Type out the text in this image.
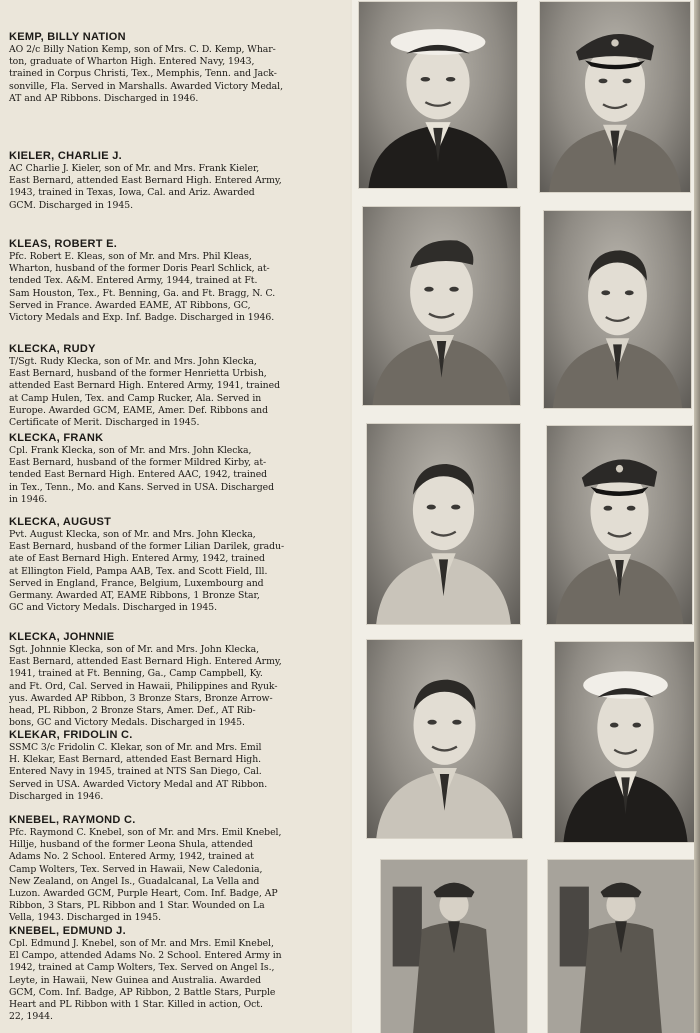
KEMP, BILLY NATION

AO 2/c Billy Nation Kemp, son of Mrs. C. D. Kemp, Whar-
ton, graduate of Wharton High. Entered Navy, 1943,
trained in Corpus Christi, Tex., Memphis, Tenn. and Jack-
sonville, Fla. Served in Marshalls. Awarded Victory Medal,
AT and AP Ribbons. Discharged in 1946.

KIELER, CHARLIE J.

AC Charlie J. Kieler, son of Mr. and Mrs. Frank Kieler,
East Bernard, attended East Bernard High. Entered Army,
1943, trained in Texas, Iowa, Cal. and Ariz. Awarded
GCM. Discharged in 1945.

KLEAS, ROBERT E.

Pfc. Robert E. Kleas, son of Mr. and Mrs. Phil Kleas,
Wharton, husband of the former Doris Pearl Schlick, at-
tended Tex. A&M. Entered Army, 1944, trained at Ft.
Sam Houston, Tex., Ft. Benning, Ga. and Ft. Bragg, N. C.
Served in France. Awarded EAME, AT Ribbons, GC,
Victory Medals and Exp. Inf. Badge. Discharged in 1946.

KLECKA, RUDY

T/Sgt. Rudy Klecka, son of Mr. and Mrs. John Klecka,
East Bernard, husband of the former Henrietta Urbish,
attended East Bernard High. Entered Army, 1941, trained
at Camp Hulen, Tex. and Camp Rucker, Ala. Served in
Europe. Awarded GCM, EAME, Amer. Def. Ribbons and
Certificate of Merit. Discharged in 1945.

KLECKA, FRANK

Cpl. Frank Klecka, son of Mr. and Mrs. John Klecka,
East Bernard, husband of the former Mildred Kirby, at-
tended East Bernard High. Entered AAC, 1942, trained
in Tex., Tenn., Mo. and Kans. Served in USA. Discharged
in 1946.

KLECKA, AUGUST

Pvt. August Klecka, son of Mr. and Mrs. John Klecka,
East Bernard, husband of the former Lilian Darilek, gradu-
ate of East Bernard High. Entered Army, 1942, trained
at Ellington Field, Pampa AAB, Tex. and Scott Field, Ill.
Served in England, France, Belgium, Luxembourg and
Germany. Awarded AT, EAME Ribbons, 1 Bronze Star,
GC and Victory Medals. Discharged in 1945.

KLECKA, JOHNNIE

Sgt. Johnnie Klecka, son of Mr. and Mrs. John Klecka,
East Bernard, attended East Bernard High. Entered Army,
1941, trained at Ft. Benning, Ga., Camp Campbell, Ky.
and Ft. Ord, Cal. Served in Hawaii, Philippines and Ryuk-
yus. Awarded AP Ribbon, 3 Bronze Stars, Bronze Arrow-
head, PL Ribbon, 2 Bronze Stars, Amer. Def., AT Rib-
bons, GC and Victory Medals. Discharged in 1945.

KLEKAR, FRIDOLIN C.

SSMC 3/c Fridolin C. Klekar, son of Mr. and Mrs. Emil
H. Klekar, East Bernard, attended East Bernard High.
Entered Navy in 1945, trained at NTS San Diego, Cal.
Served in USA. Awarded Victory Medal and AT Ribbon.
Discharged in 1946.

KNEBEL, RAYMOND C.

Pfc. Raymond C. Knebel, son of Mr. and Mrs. Emil Knebel,
Hillje, husband of the former Leona Shula, attended
Adams No. 2 School. Entered Army, 1942, trained at
Camp Wolters, Tex. Served in Hawaii, New Caledonia,
New Zealand, on Angel Is., Guadalcanal, La Vella and
Luzon. Awarded GCM, Purple Heart, Com. Inf. Badge, AP
Ribbon, 3 Stars, PL Ribbon and 1 Star. Wounded on La
Vella, 1943. Discharged in 1945.

KNEBEL, EDMUND J.

Cpl. Edmund J. Knebel, son of Mr. and Mrs. Emil Knebel,
El Campo, attended Adams No. 2 School. Entered Army in
1942, trained at Camp Wolters, Tex. Served on Angel Is.,
Leyte, in Hawaii, New Guinea and Australia. Awarded
GCM, Com. Inf. Badge, AP Ribbon, 2 Battle Stars, Purple
Heart and PL Ribbon with 1 Star. Killed in action, Oct.
22, 1944.
